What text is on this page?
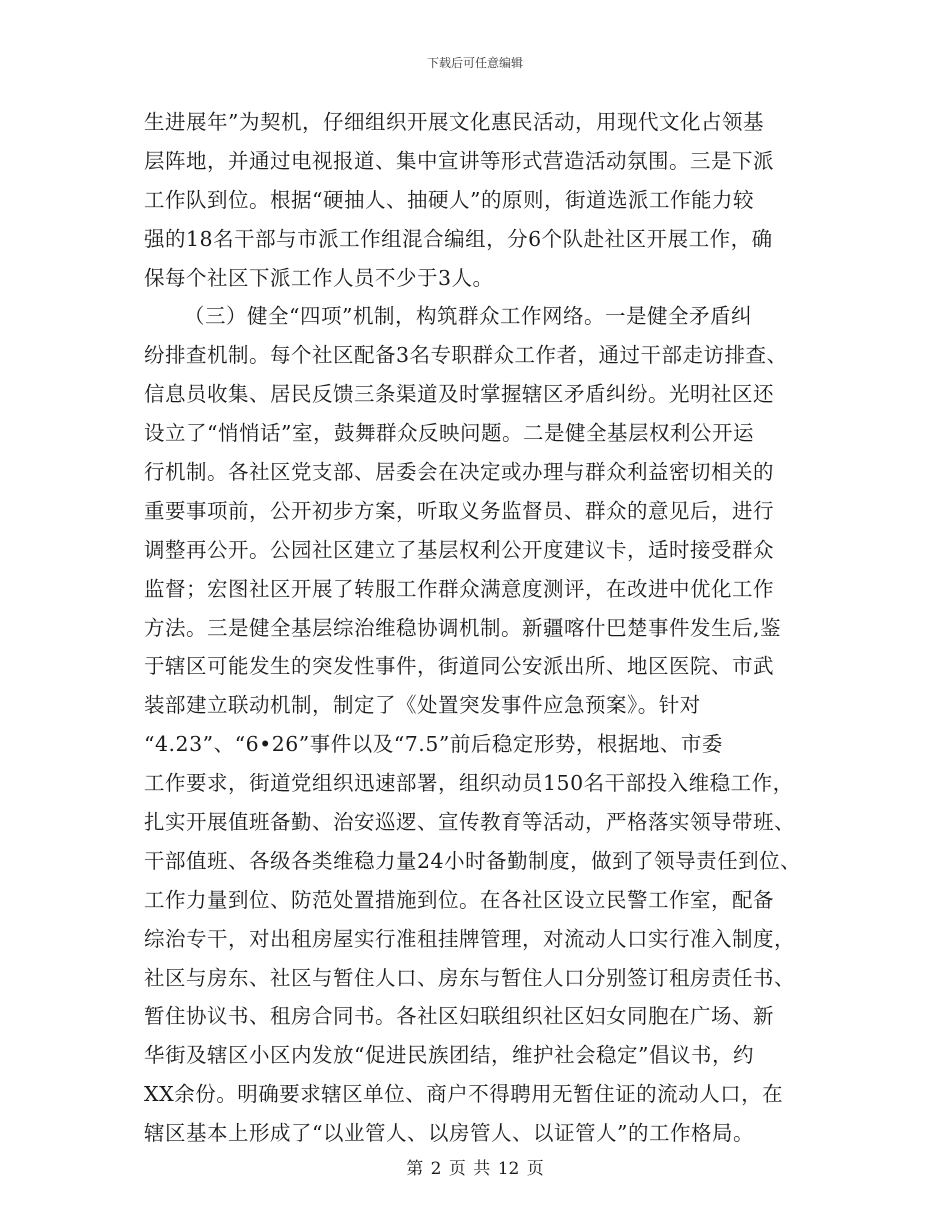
下载后可任意编辑
生进展年”为契机，仔细组织开展文化惠民活动，用现代文化占领基
层阵地，并通过电视报道、集中宣讲等形式营造活动氛围。三是下派
工作队到位。根据“硬抽人、抽硬人”的原则，街道选派工作能力较
强的18名干部与市派工作组混合编组，分6个队赴社区开展工作，确
保每个社区下派工作人员不少于3人。
（三）健全“四项”机制，构筑群众工作网络。一是健全矛盾纠
纷排查机制。每个社区配备3名专职群众工作者，通过干部走访排查、
信息员收集、居民反馈三条渠道及时掌握辖区矛盾纠纷。光明社区还
设立了“悄悄话”室，鼓舞群众反映问题。二是健全基层权利公开运
行机制。各社区党支部、居委会在决定或办理与群众利益密切相关的
重要事项前，公开初步方案，听取义务监督员、群众的意见后，进行
调整再公开。公园社区建立了基层权利公开度建议卡，适时接受群众
监督；宏图社区开展了转服工作群众满意度测评，在改进中优化工作
方法。三是健全基层综治维稳协调机制。新疆喀什巴楚事件发生后,鉴
于辖区可能发生的突发性事件，街道同公安派出所、地区医院、市武
装部建立联动机制，制定了《处置突发事件应急预案》。针对
“4.23”、“6•26”事件以及“7.5”前后稳定形势，根据地、市委
工作要求，街道党组织迅速部署，组织动员150名干部投入维稳工作，
扎实开展值班备勤、治安巡逻、宣传教育等活动，严格落实领导带班、
干部值班、各级各类维稳力量24小时备勤制度，做到了领导责任到位、
工作力量到位、防范处置措施到位。在各社区设立民警工作室，配备
综治专干，对出租房屋实行准租挂牌管理，对流动人口实行准入制度，
社区与房东、社区与暂住人口、房东与暂住人口分别签订租房责任书、
暂住协议书、租房合同书。各社区妇联组织社区妇女同胞在广场、新
华街及辖区小区内发放“促进民族团结，维护社会稳定”倡议书，约
XX余份。明确要求辖区单位、商户不得聘用无暂住证的流动人口，在
辖区基本上形成了“以业管人、以房管人、以证管人”的工作格局。
第 2 页 共 12 页
